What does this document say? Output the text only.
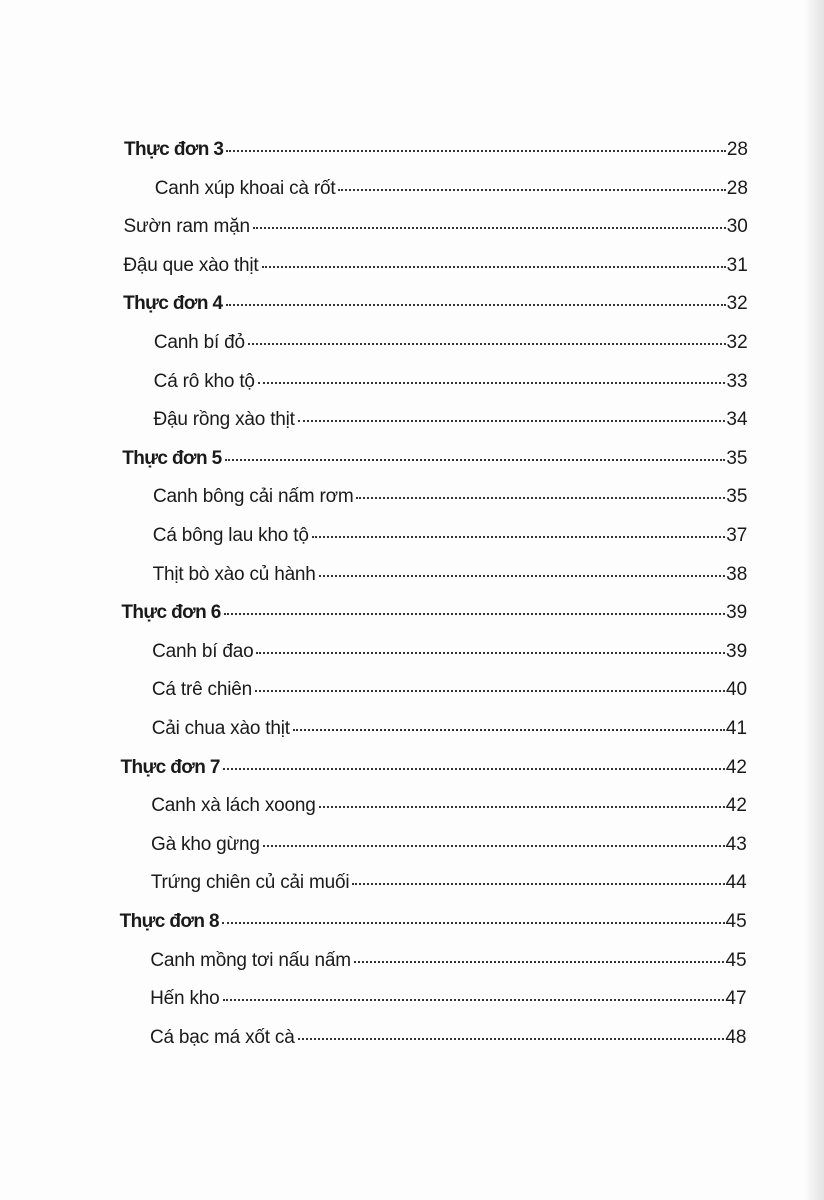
Thực đơn 3	28
Canh xúp khoai cà rốt	28
Sườn ram mặn	30
Đậu que xào thịt	31
Thực đơn 4	32
Canh bí đỏ	32
Cá rô kho tộ	33
Đậu rồng xào thịt	34
Thực đơn 5	35
Canh bông cải nấm rơm	35
Cá bông lau kho tộ	37
Thịt bò xào củ hành	38
Thực đơn 6	39
Canh bí đao	39
Cá trê chiên	40
Cải chua xào thịt	41
Thực đơn 7	42
Canh xà lách xoong	42
Gà kho gừng	43
Trứng chiên củ cải muối	44
Thực đơn 8	45
Canh mồng tơi nấu nấm	45
Hến kho	47
Cá bạc má xốt cà	48
